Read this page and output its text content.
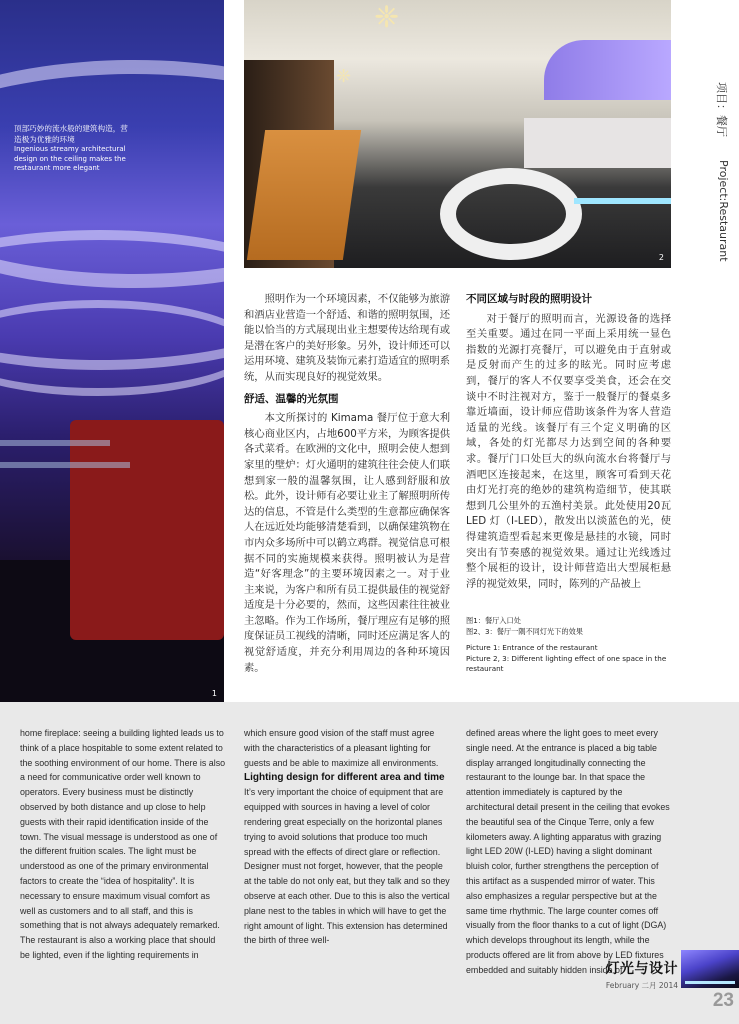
顶部巧妙的流水般的建筑构造，营造极为优雅的环境
Ingenious streamy architectural design on the ceiling makes the restaurant more elegant
1
❈
❈
2
项目：餐厅
Project:Restaurant

照明作为一个环境因素，不仅能够为旅游和酒店业营造一个舒适、和谐的照明氛围，还能以恰当的方式展现出业主想要传达给现有或是潜在客户的美好形象。另外，设计师还可以运用环境、建筑及装饰元素打造适宜的照明系统，从而实现良好的视觉效果。

舒适、温馨的光氛围

本文所探讨的 Kimama 餐厅位于意大利核心商业区内，占地600平方米，为顾客提供各式菜肴。在欧洲的文化中，照明会使人想到家里的壁炉：灯火通明的建筑往往会使人们联想到家一般的温馨氛围，让人感到舒服和放松。此外，设计师有必要让业主了解照明所传达的信息，不管是什么类型的生意都应确保客人在远近处均能够清楚看到，以确保建筑物在市内众多场所中可以鹤立鸡群。视觉信息可根据不同的实施规模来获得。照明被认为是营造“好客理念”的主要环境因素之一。对于业主来说，为客户和所有员工提供最佳的视觉舒适度是十分必要的，然而，这些因素往往被业主忽略。作为工作场所，餐厅理应有足够的照度保证员工视线的清晰，同时还应满足客人的视觉舒适度，并充分利用周边的各种环境因素。

不同区域与时段的照明设计

对于餐厅的照明而言，光源设备的选择至关重要。通过在同一平面上采用统一显色指数的光源打亮餐厅，可以避免由于直射或是反射而产生的过多的眩光。同时应考虑到，餐厅的客人不仅要享受美食，还会在交谈中不时注视对方，鉴于一般餐厅的餐桌多靠近墙面，设计师应借助该条件为客人营造适量的光线。该餐厅有三个定义明确的区域，各处的灯光都尽力达到空间的各种要求。餐厅门口处巨大的纵向流水台将餐厅与酒吧区连接起来，在这里，顾客可看到天花由灯光打亮的绝妙的建筑构造细节，使其联想到几公里外的五渔村美景。此处使用20瓦 LED 灯（I-LED），散发出以淡蓝色的光，使得建筑造型看起来更像是悬挂的水镜，同时突出有节奏感的视觉效果。通过让光线透过整个展柜的设计，设计师营造出大型展柜悬浮的视觉效果，同时，陈列的产品被上

图1：餐厅入口处
图2、3：餐厅一隅不同灯光下的效果
Picture 1: Entrance of the restaurant
Picture 2, 3: Different lighting effect of one space in the restaurant

home fireplace: seeing a building lighted leads us to think of a place hospitable to some extent related to the soothing environment of our home. There is also a need for communicative order well known to operators. Every business must be distinctly observed by both distance and up close to help guests with their rapid identification inside of the town. The visual message is understood as one of the different fruition scales. The light must be understood as one of the primary environmental factors to create the “idea of hospitality”. It is necessary to ensure maximum visual comfort as well as customers and to all staff, and this is something that is not always adequately remarked. The restaurant is also a working place that should be lighted, even if the lighting requirements in

which ensure good vision of the staff must agree with the characteristics of a pleasant lighting for guests and be able to maximize all environments.

Lighting design for different area and time

It’s very important the choice of equipment that are equipped with sources in having a level of color rendering great especially on the horizontal planes trying to avoid solutions that produce too much spread with the effects of direct glare or reflection. Designer must not forget, however, that the people at the table do not only eat, but they talk and so they observe at each other. Due to this is also the vertical plane nest to the tables in which will have to get the right amount of light. This extension has determined the birth of three well-

defined areas where the light goes to meet every single need. At the entrance is placed a big table display arranged longitudinally connecting the restaurant to the lounge bar. In that space the attention immediately is captured by the architectural detail present in the ceiling that evokes the beautiful sea of the Cinque Terre, only a few kilometers away. A lighting apparatus with grazing light LED 20W (I-LED) having a slight dominant bluish color, further strengthens the perception of this artifact as a suspended mirror of water. This also emphasizes a regular perspective but at the same time rhythmic. The large counter comes off visually from the floor thanks to a cut of light (DGA) which develops throughout its length, while the products offered are lit from above by LED fixtures embedded and suitably hidden inside of

灯光与设计
February 二月 2014
23
